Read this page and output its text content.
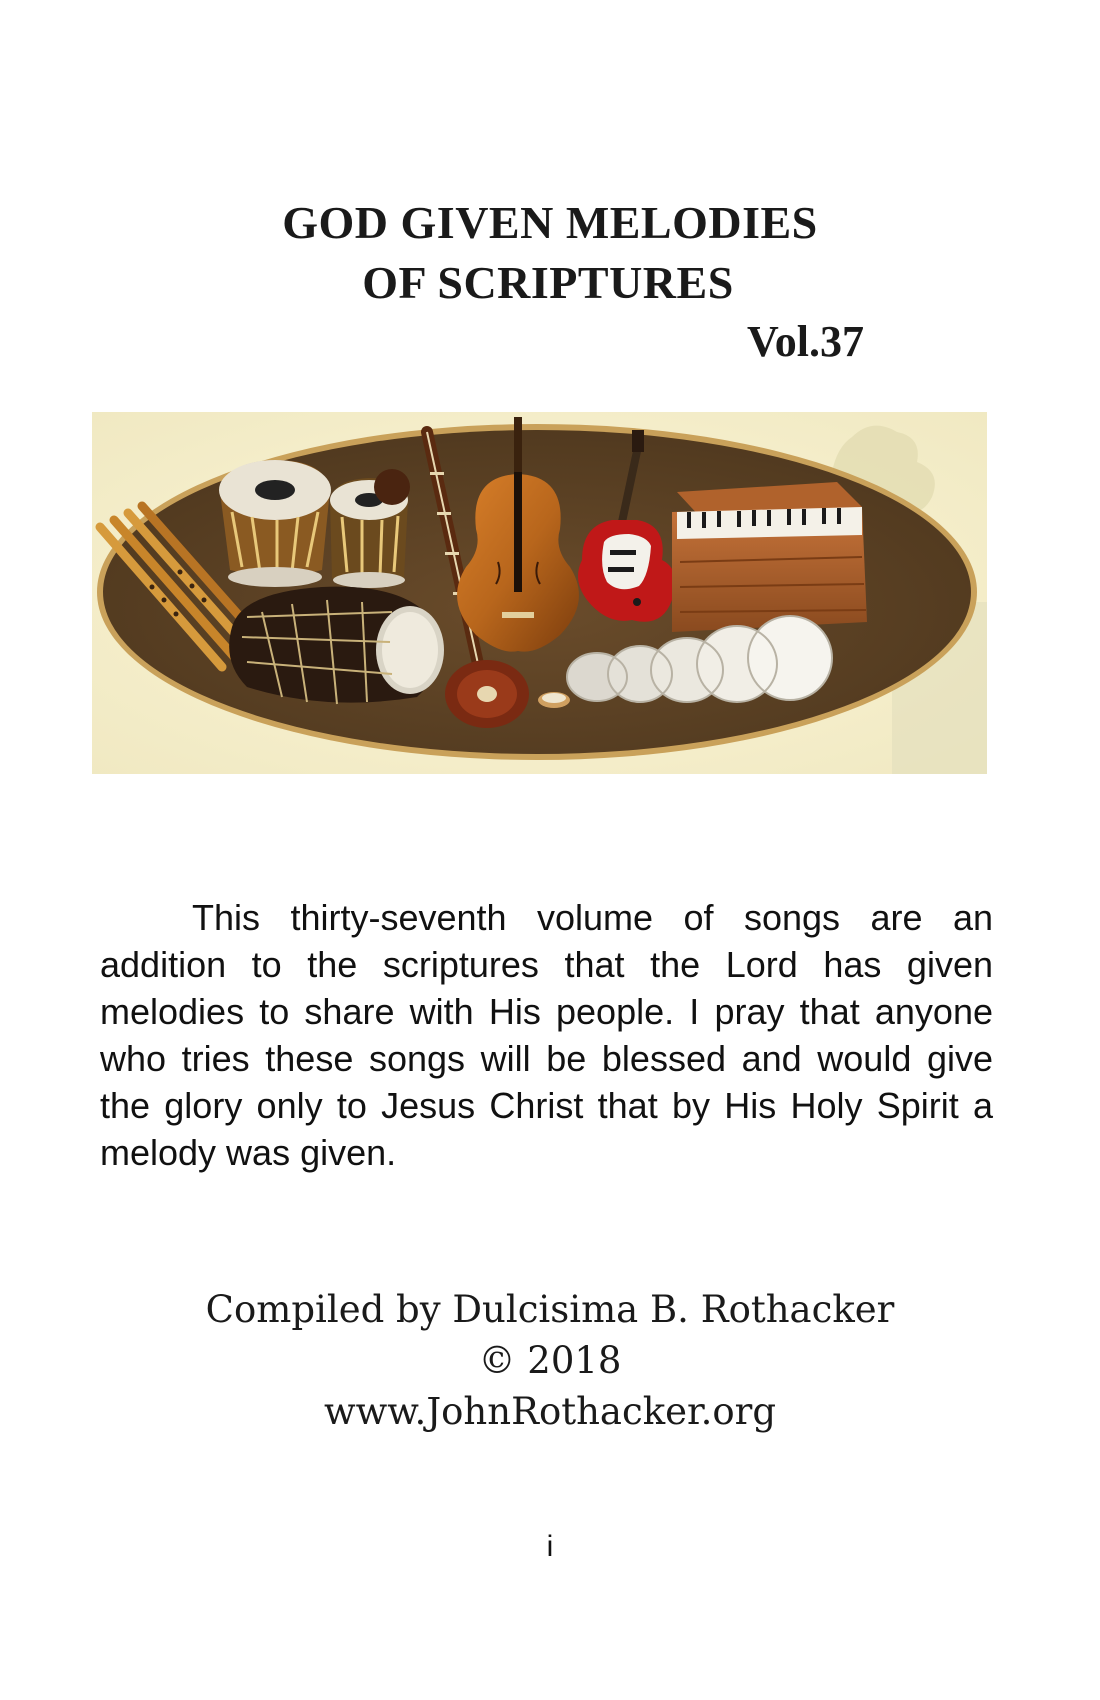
GOD GIVEN MELODIES
OF SCRIPTURES
Vol.37

This thirty-seventh volume of songs are an addition to the scriptures that the Lord has given melodies to share with His people. I pray that anyone who tries these songs will be blessed and would give the glory only to Jesus Christ that by His Holy Spirit a melody was given.

Compiled by Dulcisima B. Rothacker
© 2018
www.JohnRothacker.org
i
